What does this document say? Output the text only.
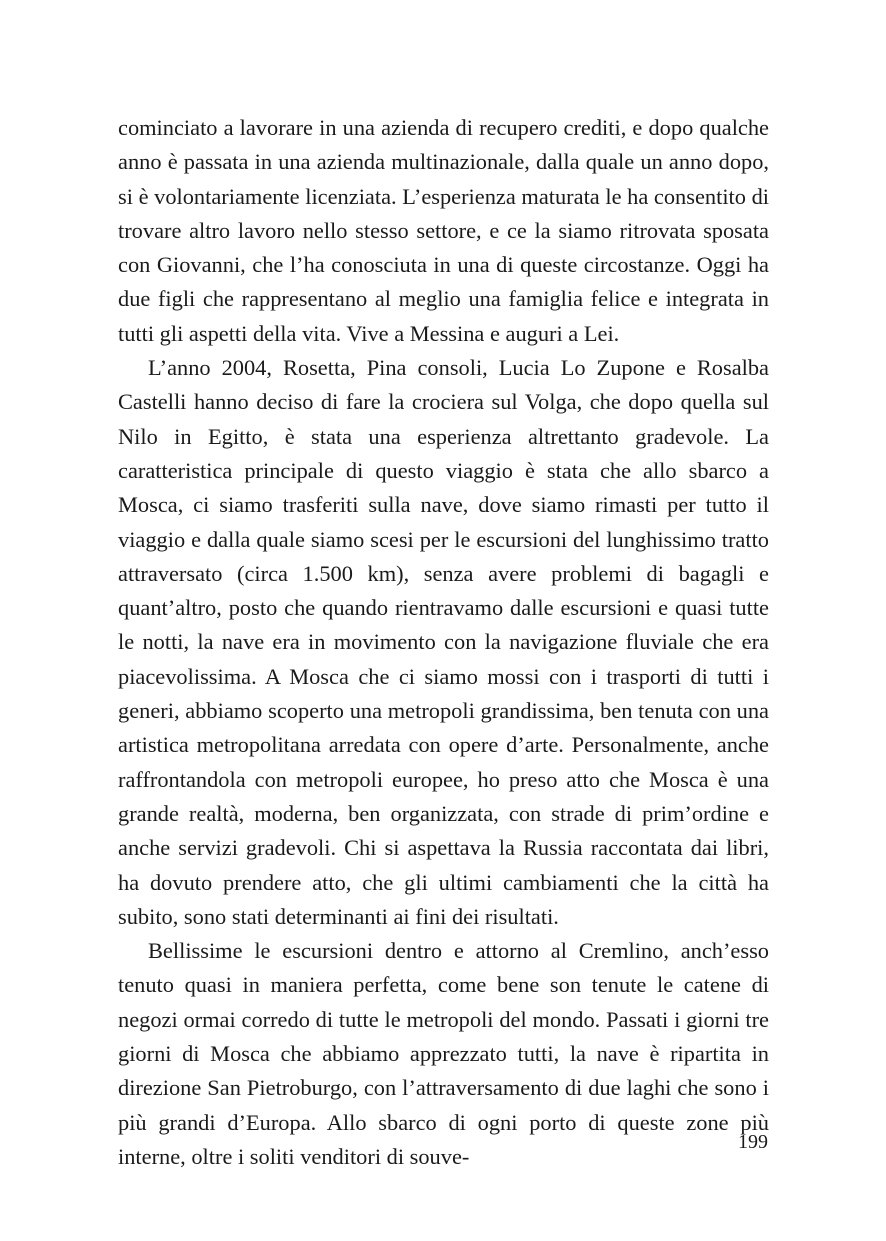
cominciato a lavorare in una azienda di recupero crediti, e dopo qualche anno è passata in una azienda multinazionale, dalla quale un anno dopo, si è volontariamente licenziata. L’esperienza maturata le ha consentito di trovare altro lavoro nello stesso settore, e ce la siamo ritrovata sposata con Giovanni, che l’ha conosciuta in una di queste circostanze. Oggi ha due figli che rappresentano al meglio una famiglia felice e integrata in tutti gli aspetti della vita. Vive a Messina e auguri a Lei.

L’anno 2004, Rosetta, Pina consoli, Lucia Lo Zupone e Rosalba Castelli hanno deciso di fare la crociera sul Volga, che dopo quella sul Nilo in Egitto, è stata una esperienza altrettanto gradevole. La caratteristica principale di questo viaggio è stata che allo sbarco a Mosca, ci siamo trasferiti sulla nave, dove siamo rimasti per tutto il viaggio e dalla quale siamo scesi per le escursioni del lunghissimo tratto attraversato (circa 1.500 km), senza avere problemi di bagagli e quant’altro, posto che quando rientravamo dalle escursioni e quasi tutte le notti, la nave era in movimento con la navigazione fluviale che era piacevolissima. A Mosca che ci siamo mossi con i trasporti di tutti i generi, abbiamo scoperto una metropoli grandissima, ben tenuta con una artistica metropolitana arredata con opere d’arte. Personalmente, anche raffrontandola con metropoli europee, ho preso atto che Mosca è una grande realtà, moderna, ben organizzata, con strade di prim’ordine e anche servizi gradevoli. Chi si aspettava la Russia raccontata dai libri, ha dovuto prendere atto, che gli ultimi cambiamenti che la città ha subito, sono stati determinanti ai fini dei risultati.

Bellissime le escursioni dentro e attorno al Cremlino, anch’esso tenuto quasi in maniera perfetta, come bene son tenute le catene di negozi ormai corredo di tutte le metropoli del mondo. Passati i giorni tre giorni di Mosca che abbiamo apprezzato tutti, la nave è ripartita in direzione San Pietroburgo, con l’attraversamento di due laghi che sono i più grandi d’Europa. Allo sbarco di ogni porto di queste zone più interne, oltre i soliti venditori di souve-

199
